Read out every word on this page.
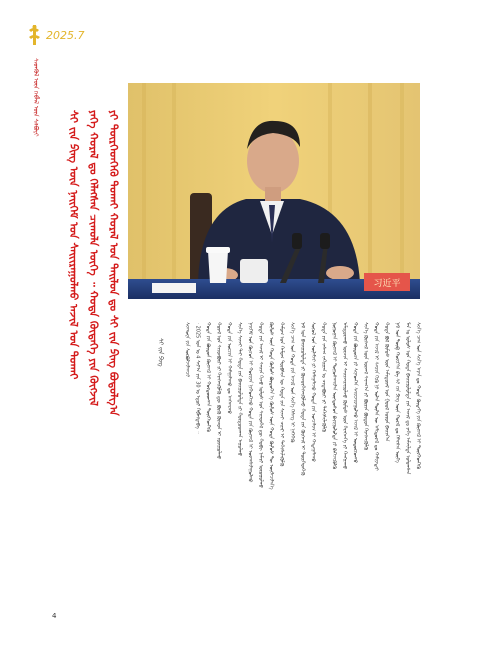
2025.7
ᠰᠡᠳᠬᠦᠯ ᠦᠨ ᠬᠡᠪᠯᠡᠯ ᠦᠨ ᠰᠠᠯᠪᠤᠷᠢ
ᠰᠢ ᠵᠢᠨ ᠫᠢᠩ ᠦᠨ ᠨᠡᠢᠭᠡᠮ ᠤᠨ ᠰᠠᠢᠢᠷᠠᠭᠤᠯᠬᠤ ᠠᠵᠢᠯ ᠤᠨ ᠲᠤᠬᠠᠢ ᠶᠡᠬᠡ ᠬᠤᠷᠠᠯ ᠳᠤ ᠬᠡᠯᠡᠭᠰᠡᠨ ᠴᠢᠬᠤᠯᠠ ᠦᠭᠡ ᠃ ᠬᠤᠲᠠ ᠬᠦᠳᠡᠭᠡ ᠶᠢᠨ ᠬᠥᠭᠵᠢᠯ ᠶᠢ ᠲᠦᠷᠭᠡᠳᠭᠡᠬᠦ ᠲᠤᠬᠠᠢ ᠬᠤᠷᠠᠯ ᠤᠨ ᠲᠠᠢᠯᠤᠨ ᠳᠤ ᠰᠢ ᠵᠢᠨ ᠫᠢᠩ ᠪᠣᠳᠣᠯᠭ᠎ᠠ	习近平
ᠰᠢᠨ᠎ᠡ ᠴᠠᠭ ᠤᠨ ᠰᠢᠨ᠎ᠡ ᠠᠶᠠᠨ ᠳᠤ ᠬᠤᠲᠠ ᠬᠦᠳᠡᠭᠡ ᠶᠢᠨ ᠬᠥᠭᠵᠢᠯ ᠢ ᠲᠦᠷᠭᠡᠳᠭᠡᠬᠦ
ᠮᠠᠨ ᠤ ᠤᠯᠤᠰ ᠤᠨ ᠬᠤᠲᠠ ᠪᠠᠢᠢᠭᠤᠯᠤᠯᠳᠠ ᠶᠢᠨ ᠠᠵᠢᠯ ᠳᠤ ᠶᠡᠬᠡ ᠠᠮᠵᠢᠯᠲᠠ ᠣᠯᠤᠭᠰᠠᠨ
ᠨᠠᠮ ᠤᠨ ᠲᠥᠪ ᠬᠣᠷᠢᠶ᠎ᠠ ᠪᠠ ᠰᠢ ᠵᠢᠨ ᠫᠢᠩ ᠦᠨ ᠬᠤᠷᠠᠯ ᠳᠤ ᠬᠡᠯᠡᠭᠰᠡᠨ ᠦᠭᠡ
ᠬᠤᠲᠠ ᠪᠣᠯ ᠬᠦᠮᠦᠰ ᠦᠨ ᠠᠮᠢᠳᠤᠷᠠᠯ ᠤᠨ ᠭᠣᠣᠯ ᠣᠷᠣᠨ ᠪᠠᠢᠢᠨ᠎ᠠ
ᠬᠤᠲᠠ ᠶᠢᠨ ᠠᠵᠢᠯ ᠢ ᠰᠠᠢᠢᠨ ᠬᠢᠬᠦ ᠨᠢ ᠣᠯᠠᠨ ᠲᠦᠮᠡᠨ ᠦ ᠠᠮᠢᠳᠤᠷᠠᠯ ᠳᠤ ᠬᠠᠮᠢᠶᠠᠲᠠᠢ
ᠰᠢᠨ᠎ᠡ ᠬᠥᠭᠵᠢᠯ ᠦᠨ ᠦᠵᠡᠯ ᠰᠠᠨᠠᠭ᠎ᠠ ᠶᠢ ᠪᠦᠷᠢᠨ ᠪᠦᠲᠦᠨ ᠬᠡᠷᠡᠭᠵᠢᠭᠦᠯᠬᠦ
ᠬᠤᠲᠠ ᠶᠢᠨ ᠪᠦᠲᠦᠴᠡ ᠶᠢ ᠰᠢᠨᠡᠳᠬᠡᠨ ᠰᠠᠢᠢᠵᠢᠷᠠᠭᠤᠯᠬᠤ ᠠᠵᠢᠯ ᠢ ᠤᠳᠤᠷᠢᠳᠬᠤ
ᠠᠮᠢᠳᠤᠷᠠᠬᠤ ᠣᠷᠴᠢᠨ ᠢ ᠰᠠᠢᠢᠵᠢᠷᠠᠭᠤᠯᠵᠤ ᠬᠦᠮᠦᠰ ᠦᠨ ᠬᠡᠷᠡᠭᠴᠡᠭᠡ ᠶᠢ ᠬᠠᠩᠭᠠᠬᠤ
ᠨᠣᠭᠤᠭᠠᠨ ᠬᠥᠭᠵᠢᠯ ᠢ ᠲᠤᠭᠤᠰᠬᠠᠢᠯᠠᠨ ᠦᠨᠳᠦᠰᠦᠨ ᠪᠠᠶᠢᠭᠤᠯᠤᠯᠲᠠ ᠶᠢ ᠪᠡᠭᠡᠵᠢᠭᠦᠯᠬᠦ
ᠬᠤᠲᠠ ᠶᠢᠨ ᠵᠠᠰᠠᠭ ᠵᠠᠬᠢᠷᠭᠠᠨ ᠤ ᠴᠢᠳᠠᠪᠤᠷᠢ ᠶᠢ ᠳᠡᠭᠡᠭᠰᠢᠯᠡᠭᠦᠯᠬᠦ
ᠰᠣᠶᠤᠯ ᠤᠨ ᠦᠯᠡᠮᠵᠢ ᠶᠢ ᠬᠠᠮᠠᠭᠠᠯᠠᠵᠤ ᠬᠤᠲᠠ ᠶᠢᠨ ᠣᠨᠴᠠᠯᠢᠭ ᠢ ᠬᠠᠳᠠᠭᠠᠯᠠᠬᠤ
ᠨᠠᠮ ᠤᠨ ᠪᠠᠢᠢᠭᠤᠯᠤᠯᠲᠠ ᠶᠢ ᠬᠦᠴᠦᠷᠬᠡᠭᠵᠢᠭᠦᠯᠵᠦ ᠬᠤᠲᠠ ᠶᠢᠨ ᠬᠥᠭᠵᠢᠯ ᠢ ᠲᠦᠷᠭᠡᠳᠭᠡᠬᠦ
ᠰᠢᠨ᠎ᠡ ᠴᠠᠭ ᠤᠨ ᠬᠣᠲᠠ ᠶᠢᠨ ᠠᠵᠢᠯ ᠤᠨ ᠰᠢᠨ᠎ᠡ ᠬᠡᠰᠡᠭ ᠢ ᠨᠡᠭᠡᠭᠡᠬᠦ
ᠬᠠᠮᠤᠭ ᠤᠨ ᠬᠠᠮᠤᠭ ᠲᠦᠪᠰᠢᠨ ᠦ ᠬᠤᠲᠠ ᠶᠢᠨ ᠰᠢᠨᠵᠢ ᠴᠢᠨᠠᠷ ᠢ ᠳᠡᠭᠡᠭᠰᠢᠯᠡᠭᠦᠯᠬᠦ
ᠬᠦᠮᠦᠰ ᠦᠨ ᠬᠤᠲᠠ ᠬᠦᠮᠦᠰ ᠪᠦᠲᠦᠭᠡᠨ ᠡ ᠬᠦᠮᠦᠰ ᠦᠨ ᠬᠤᠲᠠ ᠬᠦᠮᠦᠰ ᠲᠦ ᠦᠢᠯᠡᠴᠢᠯᠡᠨ᠎ᠡ
ᠬᠤᠲᠠ ᠶᠢᠨ ᠠᠵᠢᠯ ᠢ ᠰᠠᠢᠢᠨ ᠬᠢᠵᠦ ᠤᠯᠤᠰ ᠤᠨ ᠰᠢᠨᠡᠳᠬᠡᠯ ᠳᠦ ᠬᠤᠪᠢ ᠨᠡᠮᠡᠷᠢ ᠣᠷᠤᠭᠤᠯᠬᠤ
ᠨᠡᠢᠭᠡᠮ ᠤᠨ ᠬᠦᠴᠦᠨ ᠢ ᠬᠤᠷᠢᠶᠠᠨ ᠨᠢᠭᠡᠳᠭᠡᠵᠦ ᠬᠤᠲᠠ ᠶᠢᠨ ᠬᠥᠭᠵᠢᠯ ᠢ ᠤᠷᠠᠭᠰᠢᠯᠠᠭᠤᠯᠬᠤ
ᠰᠢᠨ᠎ᠡ ᠰᠢᠨᠵᠢ ᠲᠠᠢ ᠬᠤᠲᠠ ᠶᠢᠨ ᠪᠠᠢᠢᠭᠤᠯᠤᠯᠲᠠ ᠶᠢ ᠬᠤᠷᠳᠤᠳᠬᠠᠨ ᠠᠭᠤᠯᠬᠤ
ᠬᠤᠲᠠ ᠶᠢᠨ ᠤᠷᠴᠢᠨ ᠢ ᠬᠠᠮᠠᠭᠠᠯᠠᠬᠤ ᠳᠤ ᠠᠩᠬᠠᠷᠬᠤ
ᠬᠤᠷᠠᠯ ᠤᠨ ᠰᠢᠢᠳᠪᠦᠷᠢ ᠶᠢ ᠬᠡᠷᠡᠭᠵᠢᠭᠦᠯᠬᠦ ᠳᠦ ᠪᠦᠬᠦ ᠬᠦᠴᠦᠨ ᠢ ᠵᠣᠷᠢᠭᠤᠯᠬᠤ
ᠬᠤᠲᠠ ᠶᠢᠨ ᠪᠦᠲᠦᠨ ᠬᠥᠭᠵᠢᠯ ᠢ ᠬᠤᠷᠳᠤᠳᠬᠠᠨ ᠲᠦᠷᠭᠡᠳᠭᠡᠬᠦ
᠂ 2025 ᠣᠨ ᠤ 4 ᠰᠠᠷ᠎ᠠ ᠶᠢᠨ 30 ᠤ ᠡᠳᠦᠷ ᠬᠡᠪᠯᠡᠭᠳᠡᠪᠡ ᠃
ᠰᠢᠨᠬᠤᠸᠠ ᠶᠢᠨ ᠰᠤᠷᠪᠤᠯᠵᠢᠯᠠᠭᠴᠢ
ᠰᠢ ᠵᠢᠨ ᠫᠢᠩ
4
